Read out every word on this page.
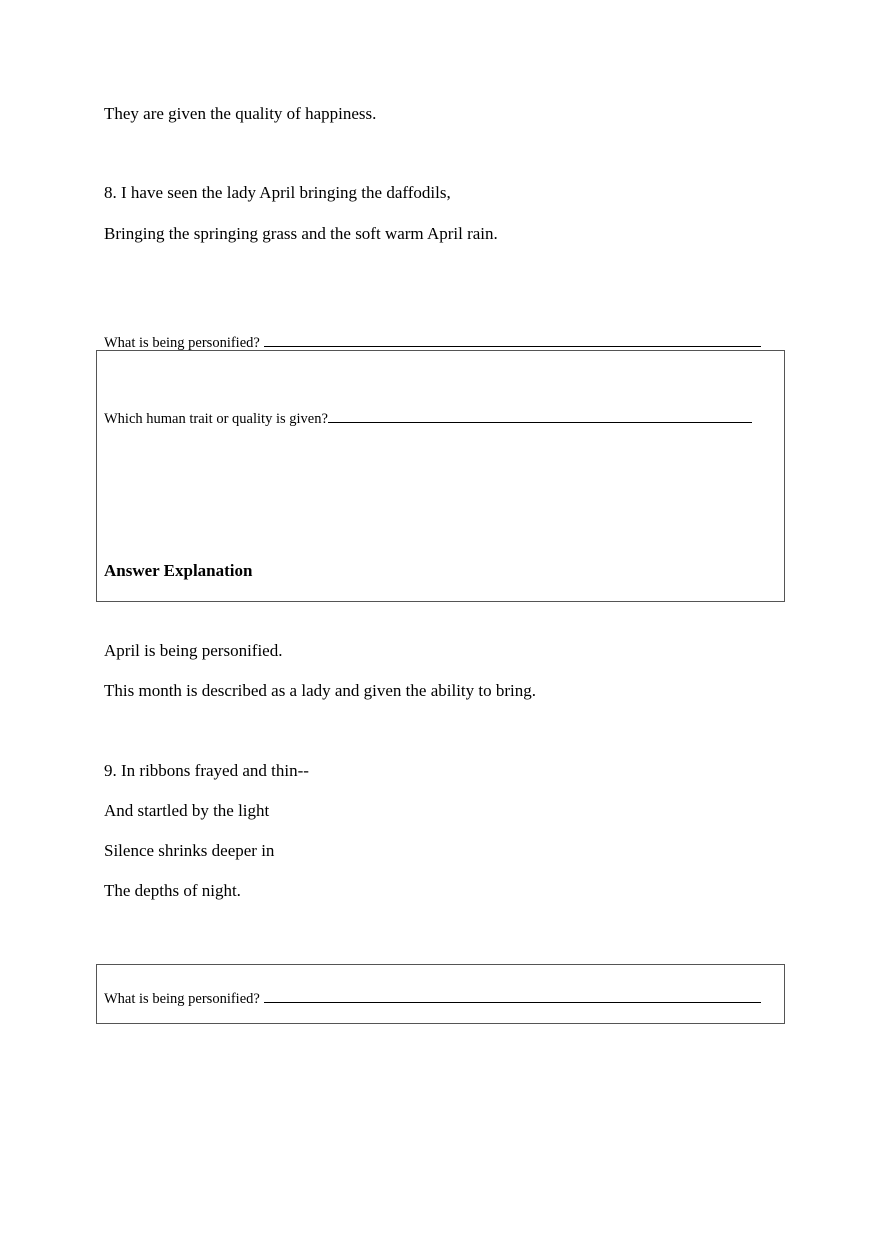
They are given the quality of happiness.
8. I have seen the lady April bringing the daffodils,
Bringing the springing grass and the soft warm April rain.
What is being personified?
Which human trait or quality is given?
Answer Explanation
April is being personified.
This month is described as a lady and given the ability to bring.
9. In ribbons frayed and thin--
And startled by the light
Silence shrinks deeper in
The depths of night.
What is being personified?
